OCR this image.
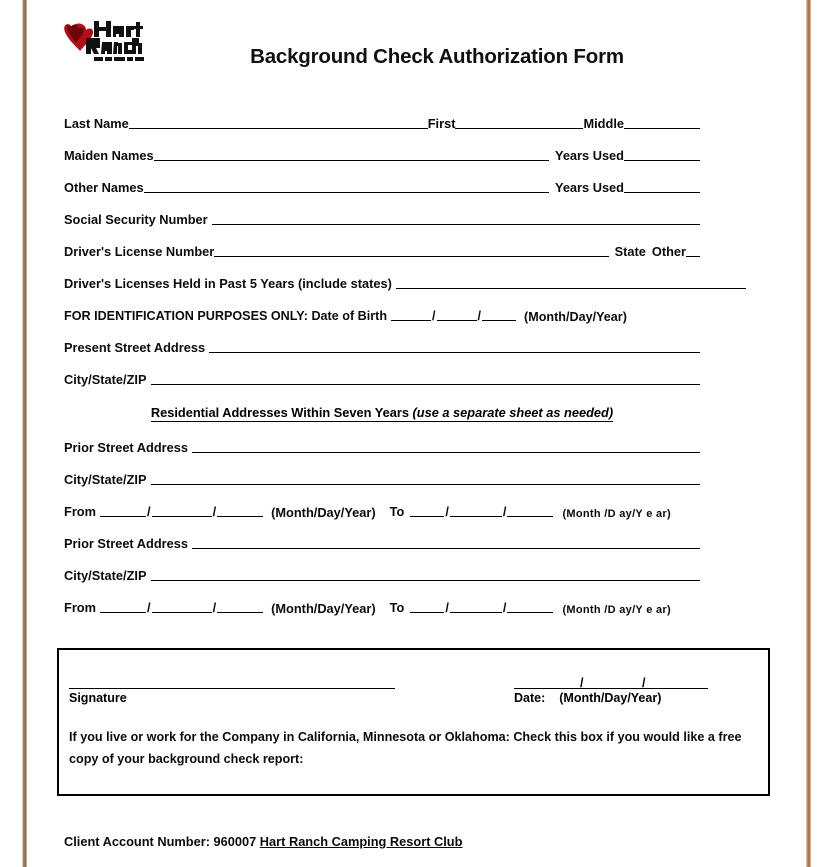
Background Check Authorization Form
Last Name	First	Middle
Maiden Names	Years Used
Other Names	Years Used
Social Security Number
Driver's License Number	State Other
Driver's Licenses Held in Past 5 Years (include states)
FOR IDENTIFICATION PURPOSES ONLY: Date of Birth	/	/	(Month/Day/Year)
Present Street Address
City/State/ZIP
Residential Addresses Within Seven Years (use a separate sheet as needed)
Prior Street Address
City/State/ZIP
From	/	/	(Month/Day/Year) To	/	/	(Month /D ay/Y e ar)
Prior Street Address
City/State/ZIP
From	/	/	(Month/Day/Year) To	/	/	(Month /D ay/Y e ar)
Signature
/	/
Date: (Month/Day/Year)
If you live or work for the Company in California, Minnesota or Oklahoma: Check this box if you would like a free copy of your background check report:
Client Account Number: 960007 Hart Ranch Camping Resort Club
